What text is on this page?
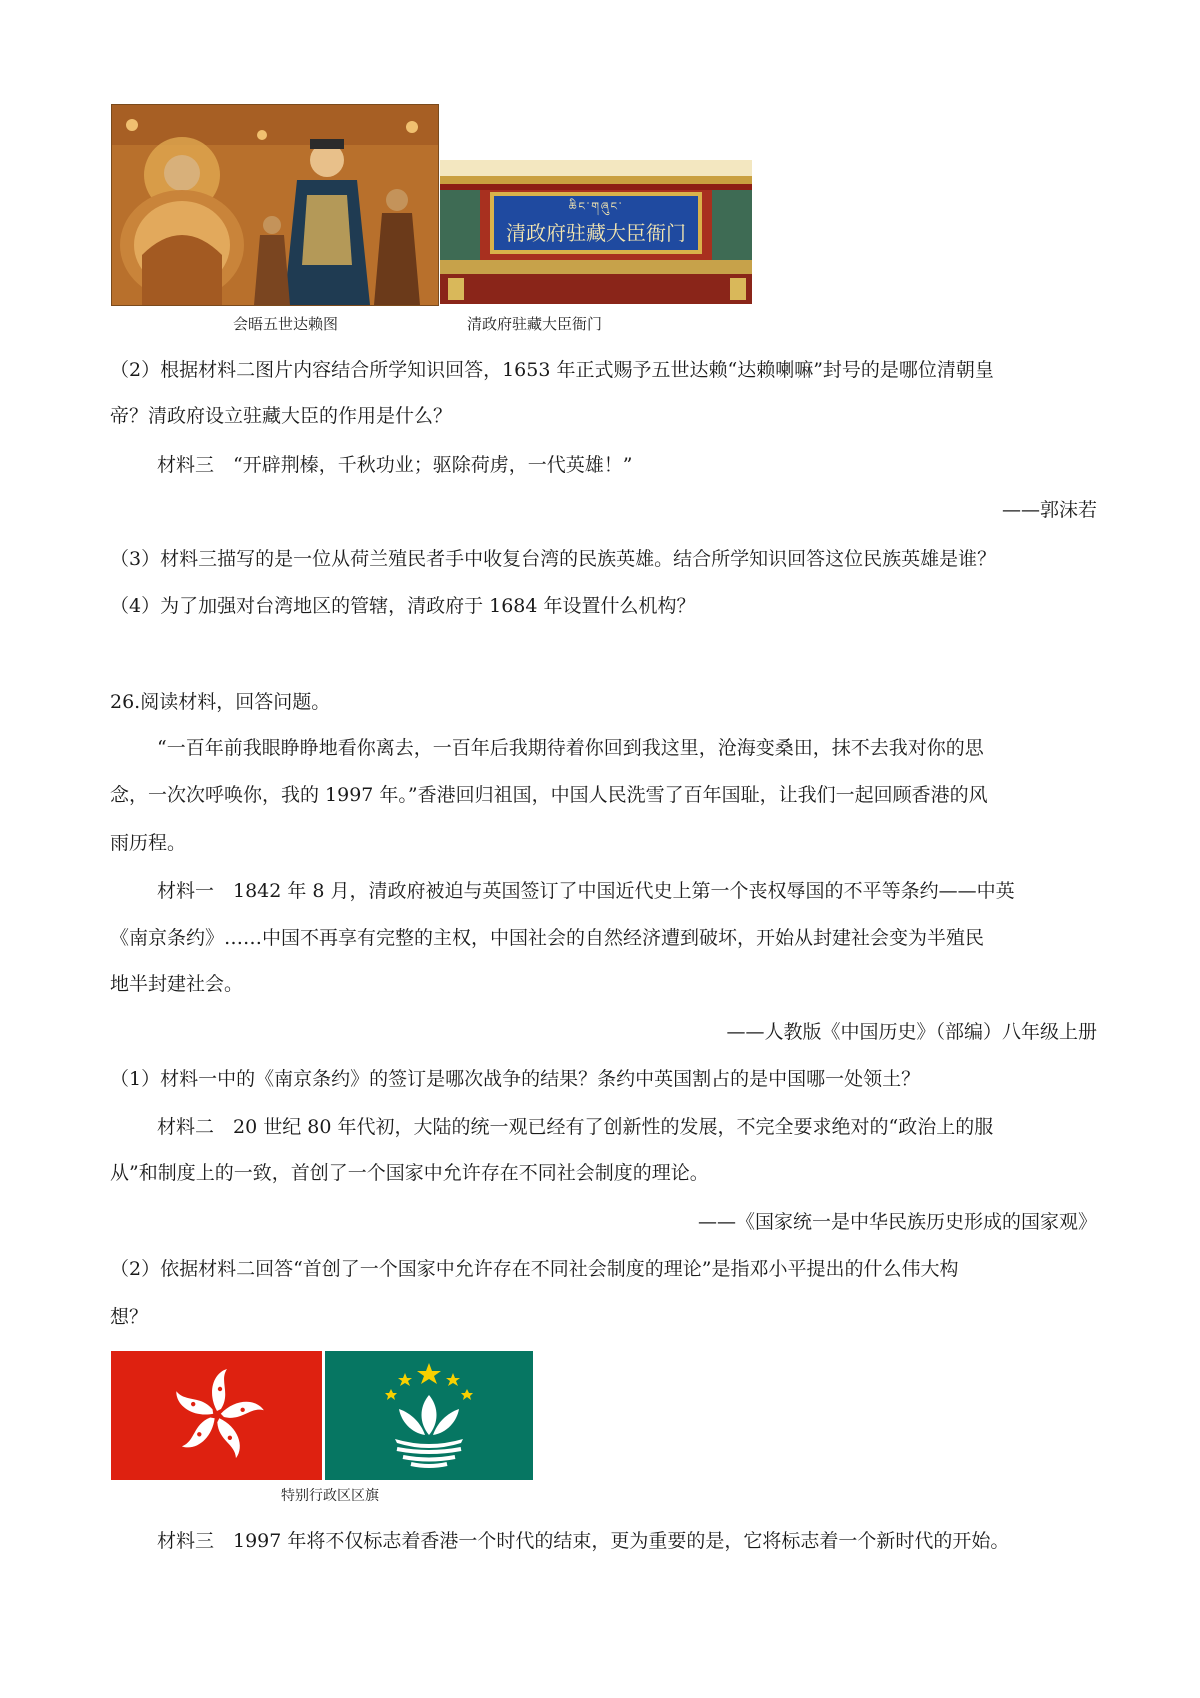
ཆིང་གཞུང་
清政府驻藏大臣衙门
会晤五世达赖图	清政府驻藏大臣衙门
（2）根据材料二图片内容结合所学知识回答，1653 年正式赐予五世达赖“达赖喇嘛”封号的是哪位清朝皇
帝？清政府设立驻藏大臣的作用是什么？
材料三　“开辟荆榛，千秋功业；驱除荷虏，一代英雄！”
——郭沫若
（3）材料三描写的是一位从荷兰殖民者手中收复台湾的民族英雄。结合所学知识回答这位民族英雄是谁？
（4）为了加强对台湾地区的管辖，清政府于 1684 年设置什么机构？
26.阅读材料，回答问题。
“一百年前我眼睁睁地看你离去，一百年后我期待着你回到我这里，沧海变桑田，抹不去我对你的思
念，一次次呼唤你，我的 1997 年。”香港回归祖国，中国人民洗雪了百年国耻，让我们一起回顾香港的风
雨历程。
材料一　1842 年 8 月，清政府被迫与英国签订了中国近代史上第一个丧权辱国的不平等条约——中英
《南京条约》……中国不再享有完整的主权，中国社会的自然经济遭到破坏，开始从封建社会变为半殖民
地半封建社会。
——人教版《中国历史》（部编）八年级上册
（1）材料一中的《南京条约》的签订是哪次战争的结果？条约中英国割占的是中国哪一处领土？
材料二　20 世纪 80 年代初，大陆的统一观已经有了创新性的发展，不完全要求绝对的“政治上的服
从”和制度上的一致，首创了一个国家中允许存在不同社会制度的理论。
——《国家统一是中华民族历史形成的国家观》
（2）依据材料二回答“首创了一个国家中允许存在不同社会制度的理论”是指邓小平提出的什么伟大构
想？
特别行政区区旗
材料三　1997 年将不仅标志着香港一个时代的结束，更为重要的是，它将标志着一个新时代的开始。
